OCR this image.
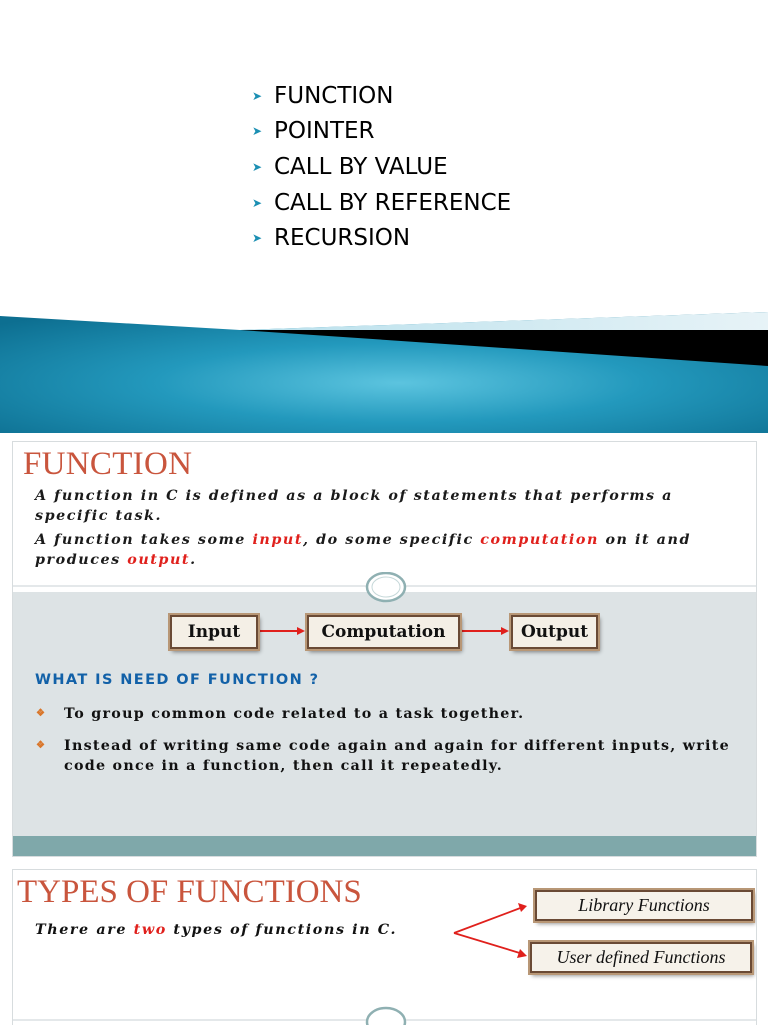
➤ FUNCTION
➤ POINTER
➤ CALL BY VALUE
➤ CALL BY REFERENCE
➤ RECURSION
FUNCTION

A function in C is defined as a block of statements that performs a specific task.

A function takes some input, do some specific computation on it and produces output.

Input	Computation	Output
WHAT IS NEED OF FUNCTION ?
❖ To group common code related to a task together.
❖ Instead of writing same code again and again for different inputs, write code once in a function, then call it repeatedly.
TYPES OF FUNCTIONS

There are two types of functions in C.

Library Functions
User defined Functions
